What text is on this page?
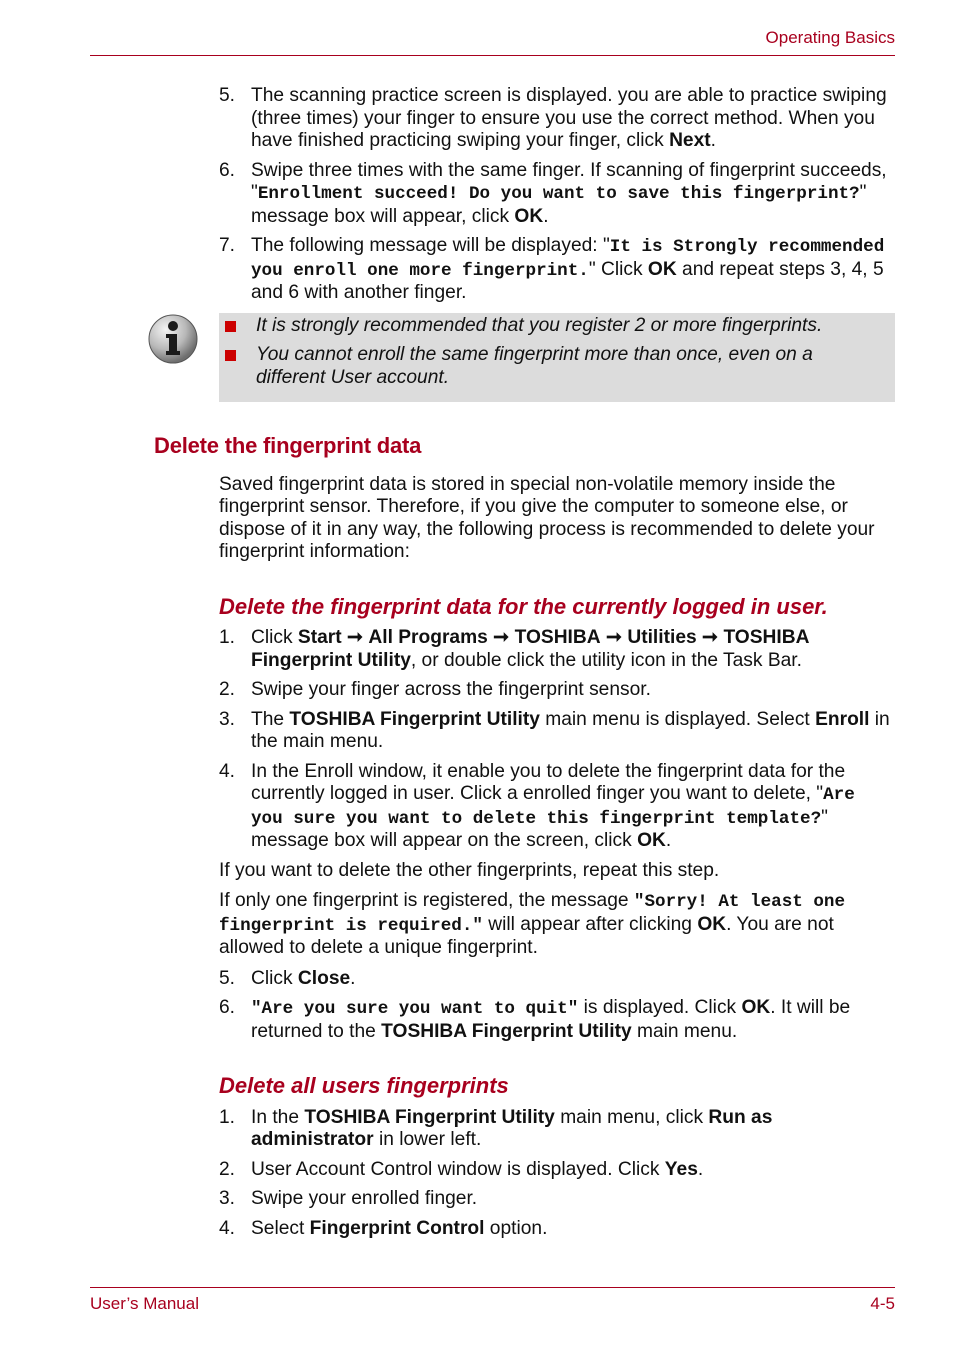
Operating Basics
5. The scanning practice screen is displayed. you are able to practice swiping (three times) your finger to ensure you use the correct method. When you have finished practicing swiping your finger, click Next.
6. Swipe three times with the same finger. If scanning of fingerprint succeeds, "Enrollment succeed! Do you want to save this fingerprint?" message box will appear, click OK.
7. The following message will be displayed: "It is Strongly recommended you enroll one more fingerprint." Click OK and repeat steps 3, 4, 5 and 6 with another finger.
It is strongly recommended that you register 2 or more fingerprints.
You cannot enroll the same fingerprint more than once, even on a different User account.
Delete the fingerprint data
Saved fingerprint data is stored in special non-volatile memory inside the fingerprint sensor. Therefore, if you give the computer to someone else, or dispose of it in any way, the following process is recommended to delete your fingerprint information:
Delete the fingerprint data for the currently logged in user.
1. Click Start ➞ All Programs ➞ TOSHIBA ➞ Utilities ➞ TOSHIBA Fingerprint Utility, or double click the utility icon in the Task Bar.
2. Swipe your finger across the fingerprint sensor.
3. The TOSHIBA Fingerprint Utility main menu is displayed. Select Enroll in the main menu.
4. In the Enroll window, it enable you to delete the fingerprint data for the currently logged in user. Click a enrolled finger you want to delete, "Are you sure you want to delete this fingerprint template?" message box will appear on the screen, click OK.
If you want to delete the other fingerprints, repeat this step.
If only one fingerprint is registered, the message "Sorry! At least one fingerprint is required." will appear after clicking OK. You are not allowed to delete a unique fingerprint.
5. Click Close.
6. "Are you sure you want to quit" is displayed. Click OK. It will be returned to the TOSHIBA Fingerprint Utility main menu.
Delete all users fingerprints
1. In the TOSHIBA Fingerprint Utility main menu, click Run as administrator in lower left.
2. User Account Control window is displayed. Click Yes.
3. Swipe your enrolled finger.
4. Select Fingerprint Control option.
User’s Manual	4-5
